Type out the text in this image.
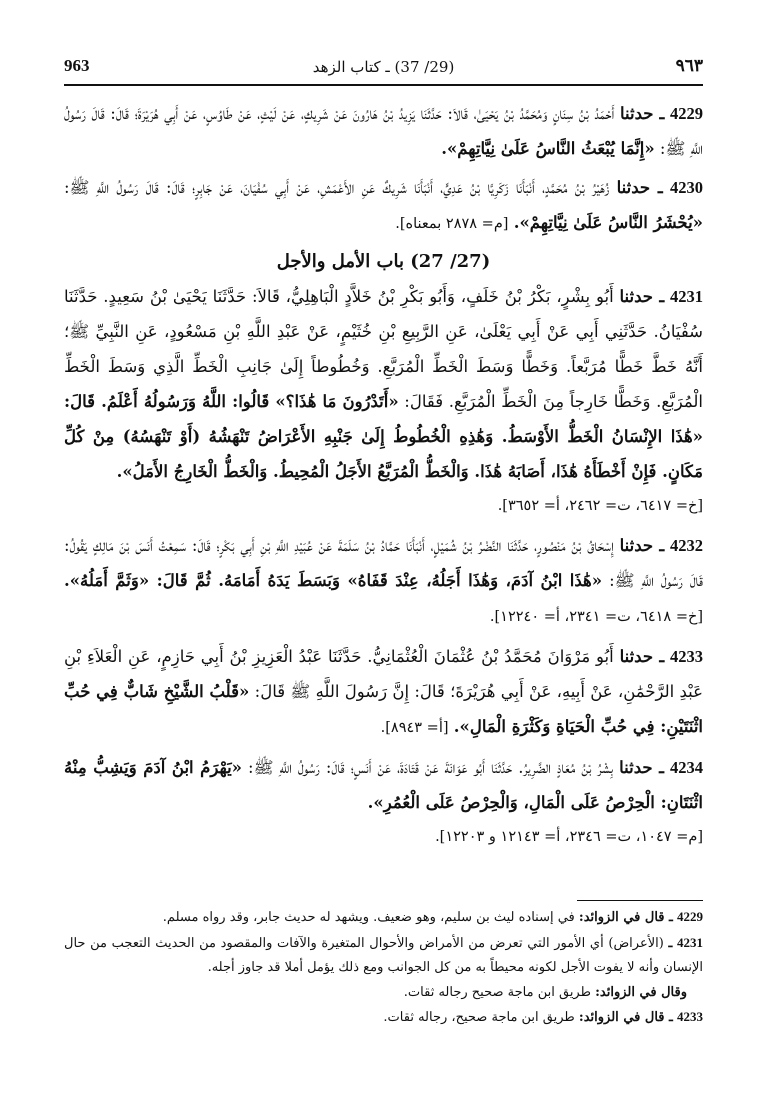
963	(29/ 37) ـ كتاب الزهد	٩٦٣

4229 ـ حدثنا أَحْمَدُ بْنُ سِنَانٍ وَمُحَمَّدُ بْنُ يَحْيَىٰ، قَالاَ: حَدَّثَنَا يَزِيدُ بْنُ هَارُونَ عَنْ شَرِيكٍ، عَنْ لَيْثٍ، عَنْ طَاوُسٍ، عَنْ أَبِي هُرَيْرَةَ؛ قَالَ: قَالَ رَسُولُ اللَّهِ ﷺ: «إِنَّمَا يُبْعَثُ النَّاسُ عَلَىٰ نِيَّاتِهِمْ».

4230 ـ حدثنا زُهَيْرُ بْنُ مُحَمَّدٍ، أَنْبَأَنَا زَكَرِيَّا بْنُ عَدِيٍّ، أَنْبَأَنَا شَرِيكٌ عَنِ الأَعْمَشِ، عَنْ أَبِي سُفْيَانَ، عَنْ جَابِرٍ؛ قَالَ: قَالَ رَسُولُ اللَّهِ ﷺ: «يُحْشَرُ النَّاسُ عَلَىٰ نِيَّاتِهِمْ». [م= ٢٨٧٨ بمعناه].

(27/ 27) باب الأمل والأجل

4231 ـ حدثنا أَبُو بِشْرٍ، بَكْرُ بْنُ خَلَفٍ، وَأَبُو بَكْرِ بْنُ خَلاَّدٍ الْبَاهِلِيُّ، قَالاَ: حَدَّثَنَا يَحْيَىٰ بْنُ سَعِيدٍ. حَدَّثَنَا سُفْيَانُ. حَدَّثَنِي أَبِي عَنْ أَبِي يَعْلَىٰ، عَنِ الرَّبِيعِ بْنِ خُثَيْمٍ، عَنْ عَبْدِ اللَّهِ بْنِ مَسْعُودٍ، عَنِ النَّبِيِّ ﷺ؛ أَنَّهُ خَطَّ خَطًّا مُرَبَّعاً. وَخَطًّا وَسَطَ الْخَطِّ الْمُرَبَّعِ. وَخُطُوطاً إِلَىٰ جَانِبِ الْخَطِّ الَّذِي وَسَطَ الْخَطِّ الْمُرَبَّعِ. وَخَطًّا خَارِجاً مِنَ الْخَطِّ الْمُرَبَّعِ. فَقَالَ: «أَتَدْرُونَ مَا هَٰذَا؟» قَالُوا: اللَّهُ وَرَسُولُهُ أَعْلَمُ. قَالَ: «هَٰذَا الإِنْسَانُ الْخَطُّ الأَوْسَطُ. وَهَٰذِهِ الْخُطُوطُ إِلَىٰ جَنْبِهِ الأَعْرَاضُ تَنْهَشُهُ (أَوْ تَنْهَسُهُ) مِنْ كُلِّ مَكَانٍ. فَإِنْ أَخْطَأَهُ هَٰذَا، أَصَابَهُ هَٰذَا. وَالْخَطُّ الْمُرَبَّعُ الأَجَلُ الْمُحِيطُ. وَالْخَطُّ الْخَارِجُ الأَمَلُ».
[خ= ٦٤١٧، ت= ٢٤٦٢، أ= ٣٦٥٢].

4232 ـ حدثنا إِسْحَاقُ بْنُ مَنْصُورٍ، حَدَّثَنَا النَّضْرُ بْنُ شُمَيْلٍ، أَنْبَأَنَا حَمَّادُ بْنُ سَلَمَةَ عَنْ عُبَيْدِ اللَّهِ بْنِ أَبِي بَكْرٍ؛ قَالَ: سَمِعْتُ أَنَسَ بْنَ مَالِكٍ يَقُولُ: قَالَ رَسُولُ اللَّهِ ﷺ: «هَٰذَا ابْنُ آدَمَ، وَهَٰذَا أَجَلُهُ، عِنْدَ قَفَاهُ» وَبَسَطَ يَدَهُ أَمَامَهُ. ثُمَّ قَالَ: «وَثَمَّ أَمَلُهُ». [خ= ٦٤١٨، ت= ٢٣٤١، أ= ١٢٢٤٠].

4233 ـ حدثنا أَبُو مَرْوَانَ مُحَمَّدُ بْنُ عُثْمَانَ الْعُثْمَانِيُّ. حَدَّثَنَا عَبْدُ الْعَزِيزِ بْنُ أَبِي حَازِمٍ، عَنِ الْعَلاَءِ بْنِ عَبْدِ الرَّحْمَٰنِ، عَنْ أَبِيهِ، عَنْ أَبِي هُرَيْرَةَ؛ قَالَ: إِنَّ رَسُولَ اللَّهِ ﷺ قَالَ: «قَلْبُ الشَّيْخِ شَابٌّ فِي حُبِّ اثْنَتَيْنِ: فِي حُبِّ الْحَيَاةِ وَكَثْرَةِ الْمَالِ». [أ= ٨٩٤٣].

4234 ـ حدثنا بِشْرُ بْنُ مُعَاذٍ الضَّرِيرُ. حَدَّثَنَا أَبُو عَوَانَةَ عَنْ قَتَادَةَ، عَنْ أَنَسٍ؛ قَالَ: رَسُولُ اللَّهِ ﷺ: «يَهْرَمُ ابْنُ آدَمَ وَيَشِبُّ مِنْهُ اثْنَتَانِ: الْحِرْصُ عَلَى الْمَالِ، وَالْحِرْصُ عَلَى الْعُمُرِ».
[م= ١٠٤٧، ت= ٢٣٤٦، أ= ١٢١٤٣ و ١٢٢٠٣].

4229 ـ قال في الزوائد: في إسناده ليث بن سليم، وهو ضعيف. ويشهد له حديث جابر، وقد رواه مسلم.

4231 ـ (الأعراض) أي الأمور التي تعرض من الأمراض والأحوال المتغيرة والآفات والمقصود من الحديث التعجب من حال الإنسان وأنه لا يفوت الأجل لكونه محيطاً به من كل الجوانب ومع ذلك يؤمل أملا قد جاوز أجله.

وقال في الزوائد: طريق ابن ماجة صحيح رجاله ثقات.

4233 ـ قال في الزوائد: طريق ابن ماجة صحيح، رجاله ثقات.
